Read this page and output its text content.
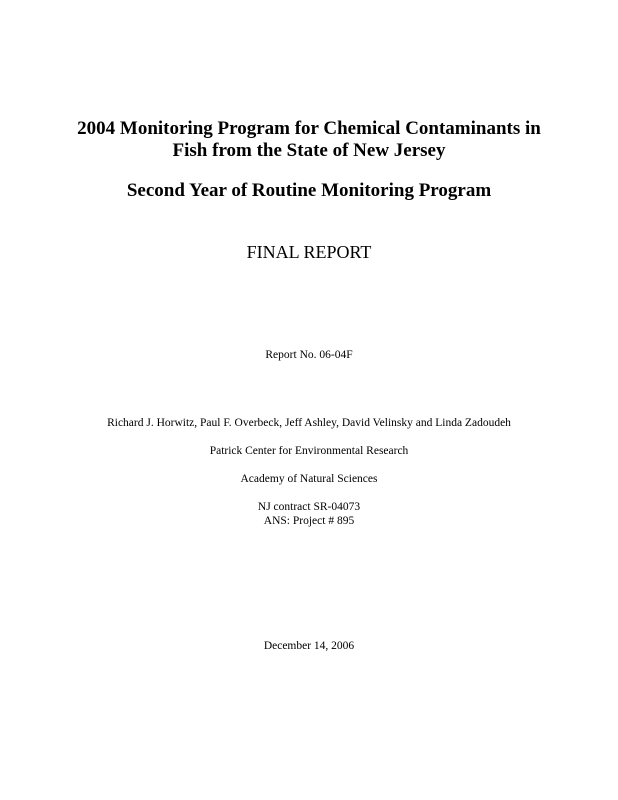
2004 Monitoring Program for Chemical Contaminants in
Fish from the State of New Jersey
Second Year of Routine Monitoring Program
FINAL REPORT
Report No. 06-04F
Richard J. Horwitz, Paul F. Overbeck, Jeff Ashley, David Velinsky and Linda Zadoudeh
Patrick Center for Environmental Research
Academy of Natural Sciences
NJ contract SR-04073
ANS: Project # 895
December 14, 2006
